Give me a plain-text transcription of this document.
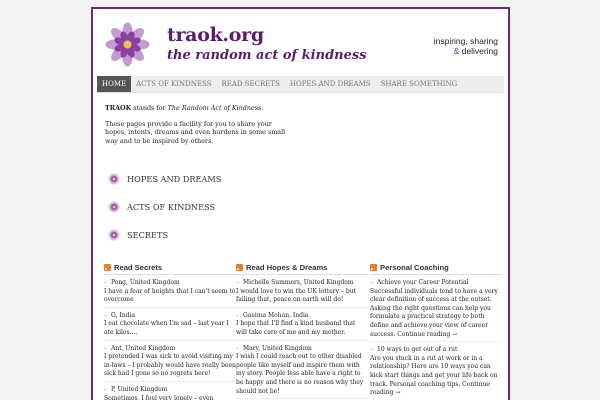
traok.org
the random act of kindness
inspiring, sharing
& delivering
HOME	ACTS OF KINDNESS	READ SECRETS	HOPES AND DREAMS	SHARE SOMETHING

TRAOK stands for The Random Act of Kindness.

These pages provide a facility for you to share your hopes, intents, dreams and even burdens in some small way and to be inspired by others.

HOPES AND DREAMS
ACTS OF KINDNESS
SECRETS
Read Secrets
– Peng, United Kingdom
I have a fear of heights that I can't seem to overcome
– G, India
I eat chocolate when I'm sad – last year I ate kilos….
– Ant, United Kingdom
I pretended I was sick to avoid visiting my in-laws – I probably would have really been sick had I gone so no regrets here!
– P, United Kingdom
Sometimes, I feel very lonely – even
Read Hopes & Dreams
– Michelle Summers, United Kingdom
I would love to win the UK lottery – but failing that, peace on earth will do!
– Gaeima Mohan, India
I hope that I'll find a kind husband that will take care of me and my mother.
– Mary, United Kingdom
I wish I could reach out to other disabled people like myself and inspire them with my story. People less able have a right to be happy and there is no reason why they should not be!
Personal Coaching
– Achieve your Career Potential
Successful individuals tend to have a very clear definition of success at the outset. Asking the right questions can help you formulate a practical strategy to both define and achieve your view of career success. Continue reading →
– 10 ways to get out of a rut
Are you stuck in a rut at work or in a relationship? Here are 10 ways you can kick start things and get your life back on track. Personal coaching tips. Continue reading →
